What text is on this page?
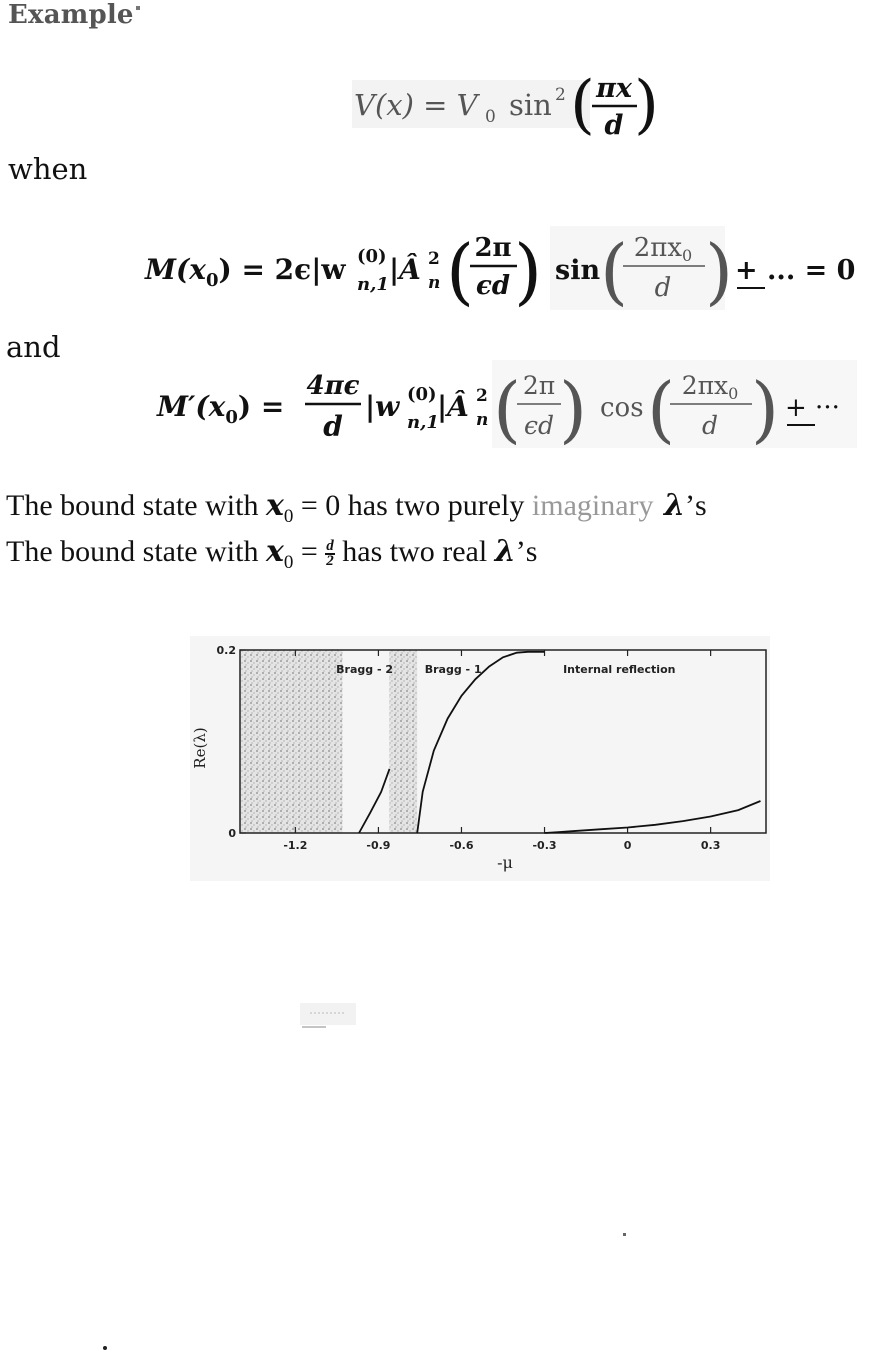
Example
V(x) = V 0 sin 2 ( πx
d )
when
$M(x_0) = 2\epsilon|w$ (0)
n,1 |Â 2
n ( 2π
ϵd ) sin ( 2πx0
d ) + ... = 0
and
$M'(x_0)$ =
4πϵ
d
|w (0)
n,1
|Â 2
n ( 2π
ϵd ) cos ( $2\pi x_0$
d ) + ···
The bound state with $x_0 = 0$ has two purely imaginary λ’s
The bound state with $x_0 = \frac{d}{2}$ has two real λ’s
-1.2	-0.9	-0.6	-0.3	0	0.3
0
0.2
Bragg - 2	Bragg - 1	Internal reflection
Re(λ)
-μ
